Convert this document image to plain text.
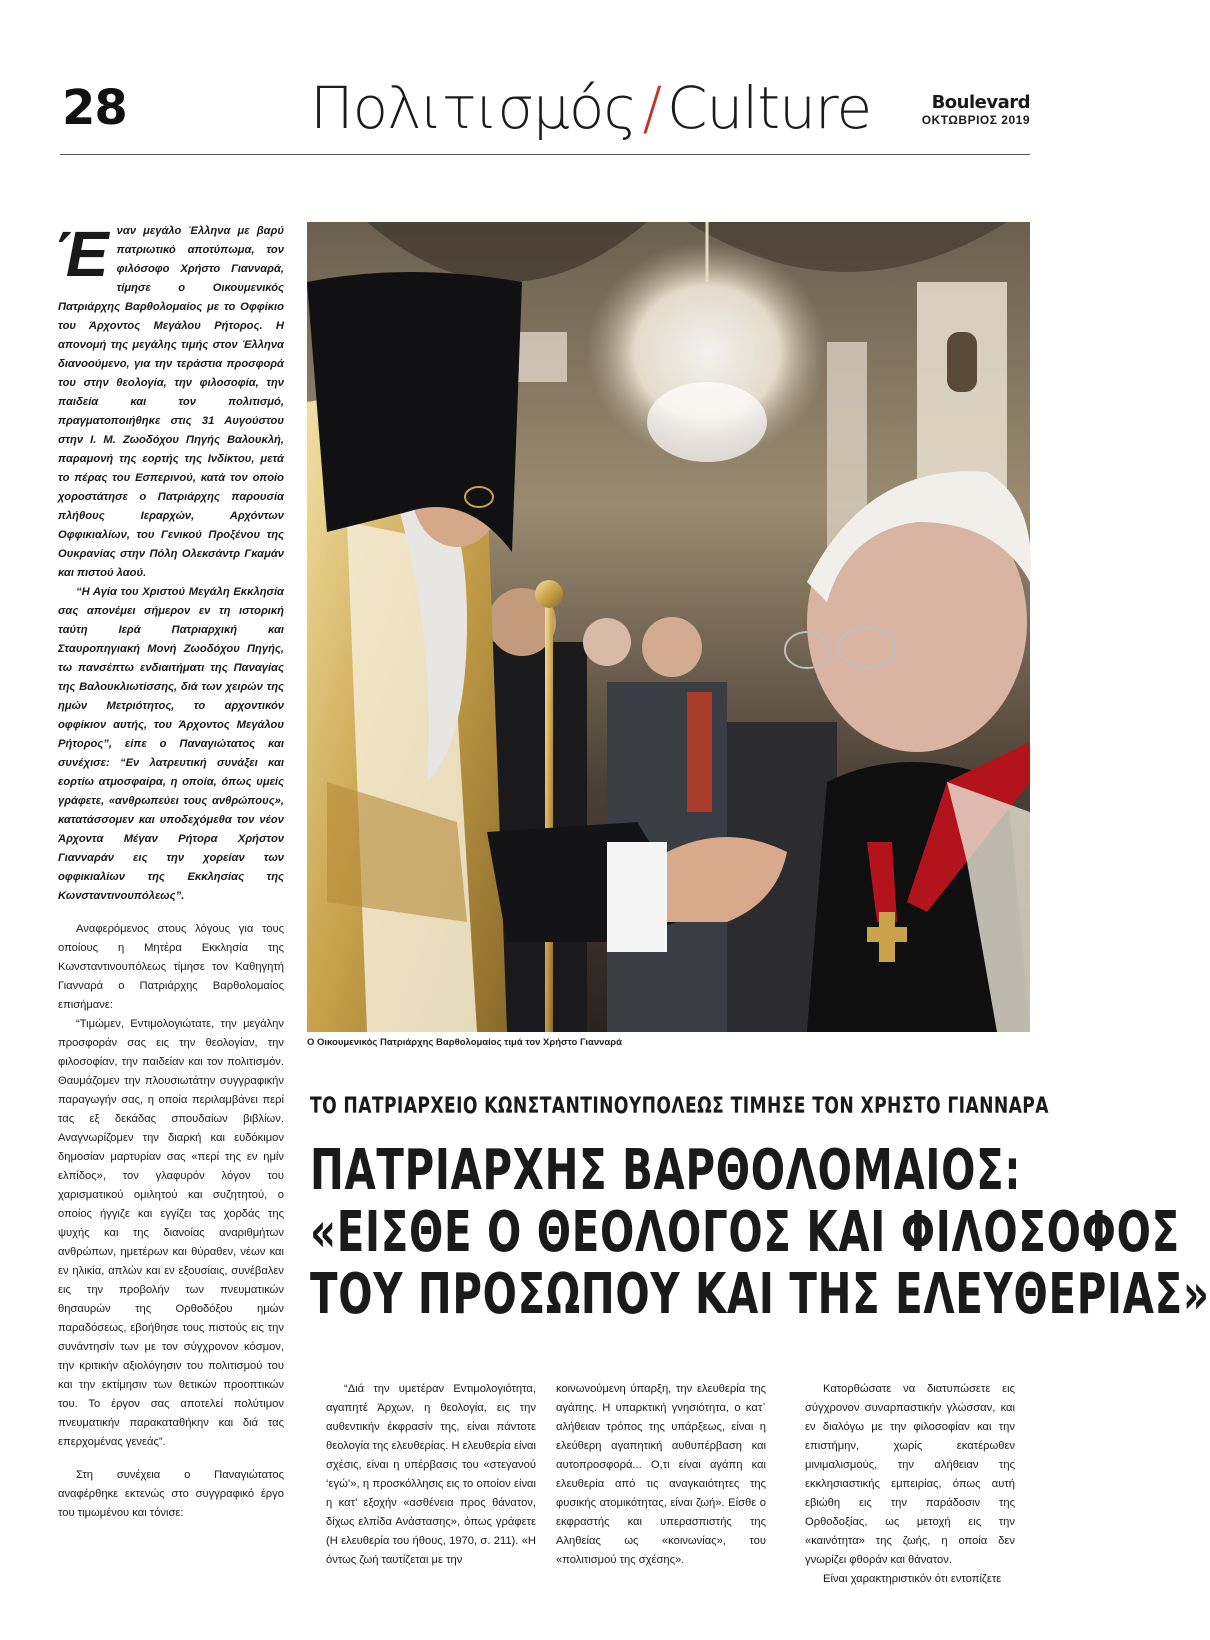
28	Πολιτισμός / Culture	Boulevard
ΟΚΤΩΒΡΙΟΣ 2019

Έναν μεγάλο Έλληνα με βαρύ πατριωτικό αποτύπωμα, τον φιλόσοφο Χρήστο Γιανναρά, τίμησε ο Οικουμενικός Πατριάρχης Βαρθολομαίος με το Οφφίκιο του Άρχοντος Μεγάλου Ρήτορος. Η απονομή της μεγάλης τιμής στον Έλληνα διανοούμενο, για την τεράστια προσφορά του στην θεολογία, την φιλοσοφία, την παιδεία και τον πολιτισμό, πραγματοποιήθηκε στις 31 Αυγούστου στην Ι. Μ. Ζωοδόχου Πηγής Βαλουκλή, παραμονή της εορτής της Ινδίκτου, μετά το πέρας του Εσπερινού, κατά τον οποίο χοροστάτησε ο Πατριάρχης παρουσία πλήθους Ιεραρχών, Αρχόντων Οφφικιαλίων, του Γενικού Προξένου της Ουκρανίας στην Πόλη Ολεκσάντρ Γκαμάν και πιστού λαού.

“Η Αγία του Χριστού Μεγάλη Εκκλησία σας απονέμει σήμερον εν τη ιστορική ταύτη Ιερά Πατριαρχική και Σταυροπηγιακή Μονή Ζωοδόχου Πηγής, τω πανσέπτω ενδιαιτήματι της Παναγίας της Βαλουκλιωτίσσης, διά των χειρών της ημών Μετριότητος, το αρχοντικόν οφφίκιον αυτής, του Άρχοντος Μεγάλου Ρήτορος”, είπε ο Παναγιώτατος και συνέχισε: “Εν λατρευτική συνάξει και εορτίω ατμοσφαίρα, η οποία, όπως υμείς γράφετε, «ανθρωπεύει τους ανθρώπους», κατατάσσομεν και υποδεχόμεθα τον νέον Άρχοντα Μέγαν Ρήτορα Χρήστον Γιανναράν εις την χορείαν των οφφικιαλίων της Εκκλησίας της Κωνσταντινουπόλεως”.

Αναφερόμενος στους λόγους για τους οποίους η Μητέρα Εκκλησία της Κωνσταντινουπόλεως τίμησε τον Καθηγητή Γιανναρά ο Πατριάρχης Βαρθολομαίος επισήμανε:

“Τιμώμεν, Εντιμολογιώτατε, την μεγάλην προσφοράν σας εις την θεολογίαν, την φιλοσοφίαν, την παιδείαν και τον πολιτισμόν. Θαυμάζομεν την πλουσιωτάτην συγγραφικήν παραγωγήν σας, η οποία περιλαμβάνει περί τας εξ δεκάδας σπουδαίων βιβλίων. Αναγνωρίζομεν την διαρκή και ευδόκιμον δημοσίαν μαρτυρίαν σας «περί της εν ημίν ελπίδος», τον γλαφυρόν λόγον του χαρισματικού ομιλητού και συζητητού, ο οποίος ήγγιζε και εγγίζει τας χορδάς της ψυχής και της διανοίας αναριθμήτων ανθρώπων, ημετέρων και θύραθεν, νέων και εν ηλικία, απλών και εν εξουσίαις, συνέβαλεν εις την προβολήν των πνευματικών θησαυρών της Ορθοδόξου ημών παραδόσεως, εβοήθησε τους πιστούς εις την συνάντησίν των με τον σύγχρονον κόσμον, την κριτικήν αξιολόγησιν του πολιτισμού του και την εκτίμησιν των θετικών προοπτικών του. Το έργον σας αποτελεί πολύτιμον πνευματικήν παρακαταθήκην και διά τας επερχομένας γενεάς”.

Στη συνέχεια ο Παναγιώτατος αναφέρθηκε εκτενώς στο συγγραφικό έργο του τιμωμένου και τόνισε:

Ο Οικουμενικός Πατριάρχης Βαρθολομαίος τιμά τον Χρήστο Γιανναρά
ΤΟ ΠΑΤΡΙΑΡΧΕΙΟ ΚΩΝΣΤΑΝΤΙΝΟΥΠΟΛΕΩΣ ΤΙΜΗΣΕ ΤΟΝ ΧΡΗΣΤΟ ΓΙΑΝΝΑΡΑ
ΠΑΤΡΙΑΡΧΗΣ ΒΑΡΘΟΛΟΜΑΙΟΣ:
«ΕΙΣΘΕ Ο ΘΕΟΛΟΓΟΣ ΚΑΙ ΦΙΛΟΣΟΦΟΣ
ΤΟΥ ΠΡΟΣΩΠΟΥ ΚΑΙ ΤΗΣ ΕΛΕΥΘΕΡΙΑΣ»

“Διά την υμετέραν Εντιμολογιότητα, αγαπητέ Άρχων, η θεολογία, εις την αυθεντικήν έκφρασίν της, είναι πάντοτε θεολογία της ελευθερίας. Η ελευθερία είναι σχέσις, είναι η υπέρβασις του «στεγανού ‘εγώ’», η προσκόλλησις εις το οποίον είναι η κατ’ εξοχήν «ασθένεια προς θάνατον, δίχως ελπίδα Ανάστασης», όπως γράφετε (Η ελευθερία του ήθους, 1970, σ. 211). «Η όντως ζωή ταυτίζεται με την

κοινωνούμενη ύπαρξη, την ελευθερία της αγάπης. Η υπαρκτική γνησιότητα, ο κατ᾽ αλήθειαν τρόπος της υπάρξεως, είναι η ελεύθερη αγαπητική αυθυπέρβαση και αυτοπροσφορά... Ο,τι είναι αγάπη και ελευθερία από τις αναγκαιότητες της φυσικής ατομικότητας, είναι ζωή». Είσθε ο εκφραστής και υπερασπιστής της Αληθείας ως «κοινωνίας», του «πολιτισμού της σχέσης».

Κατορθώσατε να διατυπώσετε εις σύγχρονον συναρπαστικήν γλώσσαν, και εν διαλόγω με την φιλοσοφίαν και την επιστήμην, χωρίς εκατέρωθεν μινιμαλισμούς, την αλήθειαν της εκκλησιαστικής εμπειρίας, όπως αυτή εβιώθη εις την παράδοσιν της Ορθοδοξίας, ως μετοχή εις την «καινότητα» της ζωής, η οποία δεν γνωρίζει φθοράν και θάνατον.

Είναι χαρακτηριστικόν ότι εντοπίζετε
